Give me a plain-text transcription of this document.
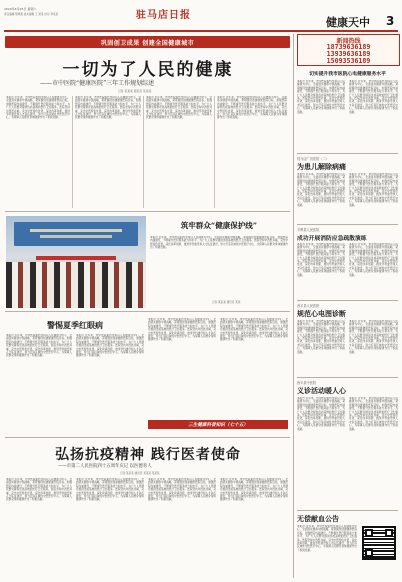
2020年4月25日 星期六
责任编辑 陈晓燕 美术编辑 王 某某 校对 李某某	驻马店日报
健康天中 3
巩固创卫成果 创建全国健康城市
一切为了人民的健康
——市中医院“健康医院”三年工作规划综述
记者 某某某 通讯员 某某某
本报讯 近年来，市中医院始终坚持以人民健康为中心，全面落实健康中国战略，紧紧围绕创建健康医院目标，加强医院内涵建设，不断提升医疗服务能力和水平，为广大人民群众提供优质高效的医疗卫生服务。医院坚持中西医并重，突出中医特色优势，深化改革创新，推进学科建设和人才队伍建设，努力打造区域性中医医疗中心，为保障人民群众身体健康作出了积极贡献。
本报讯 近年来，市中医院始终坚持以人民健康为中心，全面落实健康中国战略，紧紧围绕创建健康医院目标，加强医院内涵建设，不断提升医疗服务能力和水平，为广大人民群众提供优质高效的医疗卫生服务。医院坚持中西医并重，突出中医特色优势，深化改革创新，推进学科建设和人才队伍建设，努力打造区域性中医医疗中心，为保障人民群众身体健康作出了积极贡献。
本报讯 近年来，市中医院始终坚持以人民健康为中心，全面落实健康中国战略，紧紧围绕创建健康医院目标，加强医院内涵建设，不断提升医疗服务能力和水平，为广大人民群众提供优质高效的医疗卫生服务。医院坚持中西医并重，突出中医特色优势，深化改革创新，推进学科建设和人才队伍建设，努力打造区域性中医医疗中心，为保障人民群众身体健康作出了积极贡献。
本报讯 近年来，市中医院始终坚持以人民健康为中心，全面落实健康中国战略，紧紧围绕创建健康医院目标，加强医院内涵建设，不断提升医疗服务能力和水平，为广大人民群众提供优质高效的医疗卫生服务。医院坚持中西医并重，突出中医特色优势，深化改革创新，推进学科建设和人才队伍建设，努力打造区域性中医医疗中心，为保障人民群众身体健康作出了积极贡献。
筑牢群众“健康保护线”
本报讯 近年来，市中医院始终坚持以人民健康为中心，全面落实健康中国战略，紧紧围绕创建健康医院目标，加强医院内涵建设，不断提升医疗服务能力和水平，为广大人民群众提供优质高效的医疗卫生服务。医院坚持中西医并重，突出中医特色优势，深化改革创新，推进学科建设和人才队伍建设，努力打造区域性中医医疗中心，为保障人民群众身体健康作出了积极贡献。
记者 某某某 通讯员 某某
警惕夏季红眼病
本报讯 近年来，市中医院始终坚持以人民健康为中心，全面落实健康中国战略，紧紧围绕创建健康医院目标，加强医院内涵建设，不断提升医疗服务能力和水平，为广大人民群众提供优质高效的医疗卫生服务。医院坚持中西医并重，突出中医特色优势，深化改革创新，推进学科建设和人才队伍建设，努力打造区域性中医医疗中心，为保障人民群众身体健康作出了积极贡献。
本报讯 近年来，市中医院始终坚持以人民健康为中心，全面落实健康中国战略，紧紧围绕创建健康医院目标，加强医院内涵建设，不断提升医疗服务能力和水平，为广大人民群众提供优质高效的医疗卫生服务。医院坚持中西医并重，突出中医特色优势，深化改革创新，推进学科建设和人才队伍建设，努力打造区域性中医医疗中心，为保障人民群众身体健康作出了积极贡献。
本报讯 近年来，市中医院始终坚持以人民健康为中心，全面落实健康中国战略，紧紧围绕创建健康医院目标，加强医院内涵建设，不断提升医疗服务能力和水平，为广大人民群众提供优质高效的医疗卫生服务。医院坚持中西医并重，突出中医特色优势，深化改革创新，推进学科建设和人才队伍建设，努力打造区域性中医医疗中心，为保障人民群众身体健康作出了积极贡献。
本报讯 近年来，市中医院始终坚持以人民健康为中心，全面落实健康中国战略，紧紧围绕创建健康医院目标，加强医院内涵建设，不断提升医疗服务能力和水平，为广大人民群众提供优质高效的医疗卫生服务。医院坚持中西医并重，突出中医特色优势，深化改革创新，推进学科建设和人才队伍建设，努力打造区域性中医医疗中心，为保障人民群众身体健康作出了积极贡献。
三生健康科普知识（七十五）
弘扬抗疫精神 践行医者使命
——市第二人民医院四十五周年庆记 以医德育人
记者 某某某 通讯员 某某某 某某某
本报讯 近年来，市中医院始终坚持以人民健康为中心，全面落实健康中国战略，紧紧围绕创建健康医院目标，加强医院内涵建设，不断提升医疗服务能力和水平，为广大人民群众提供优质高效的医疗卫生服务。医院坚持中西医并重，突出中医特色优势，深化改革创新，推进学科建设和人才队伍建设，努力打造区域性中医医疗中心，为保障人民群众身体健康作出了积极贡献。
本报讯 近年来，市中医院始终坚持以人民健康为中心，全面落实健康中国战略，紧紧围绕创建健康医院目标，加强医院内涵建设，不断提升医疗服务能力和水平，为广大人民群众提供优质高效的医疗卫生服务。医院坚持中西医并重，突出中医特色优势，深化改革创新，推进学科建设和人才队伍建设，努力打造区域性中医医疗中心，为保障人民群众身体健康作出了积极贡献。
本报讯 近年来，市中医院始终坚持以人民健康为中心，全面落实健康中国战略，紧紧围绕创建健康医院目标，加强医院内涵建设，不断提升医疗服务能力和水平，为广大人民群众提供优质高效的医疗卫生服务。医院坚持中西医并重，突出中医特色优势，深化改革创新，推进学科建设和人才队伍建设，努力打造区域性中医医疗中心，为保障人民群众身体健康作出了积极贡献。
本报讯 近年来，市中医院始终坚持以人民健康为中心，全面落实健康中国战略，紧紧围绕创建健康医院目标，加强医院内涵建设，不断提升医疗服务能力和水平，为广大人民群众提供优质高效的医疗卫生服务。医院坚持中西医并重，突出中医特色优势，深化改革创新，推进学科建设和人才队伍建设，努力打造区域性中医医疗中心，为保障人民群众身体健康作出了积极贡献。
新闻热线
18739636189
13939636189
15093536189
切实提升我市医院心电健康服务水平
本报讯 近年来，市中医院始终坚持以人民健康为中心，全面落实健康中国战略，紧紧围绕创建健康医院目标，加强医院内涵建设，不断提升医疗服务能力和水平，为广大人民群众提供优质高效的医疗卫生服务。医院坚持中西医并重，突出中医特色优势，深化改革创新，推进学科建设和人才队伍建设，努力打造区域性中医医疗中心，为保障人民群众身体健康作出了积极贡献。
本报讯 近年来，市中医院始终坚持以人民健康为中心，全面落实健康中国战略，紧紧围绕创建健康医院目标，加强医院内涵建设，不断提升医疗服务能力和水平，为广大人民群众提供优质高效的医疗卫生服务。医院坚持中西医并重，突出中医特色优势，深化改革创新，推进学科建设和人才队伍建设，努力打造区域性中医医疗中心，为保障人民群众身体健康作出了积极贡献。
驻马店广济医院（二）
为患儿解除病痛
本报讯 近年来，市中医院始终坚持以人民健康为中心，全面落实健康中国战略，紧紧围绕创建健康医院目标，加强医院内涵建设，不断提升医疗服务能力和水平，为广大人民群众提供优质高效的医疗卫生服务。医院坚持中西医并重，突出中医特色优势，深化改革创新，推进学科建设和人才队伍建设，努力打造区域性中医医疗中心，为保障人民群众身体健康作出了积极贡献。
本报讯 近年来，市中医院始终坚持以人民健康为中心，全面落实健康中国战略，紧紧围绕创建健康医院目标，加强医院内涵建设，不断提升医疗服务能力和水平，为广大人民群众提供优质高效的医疗卫生服务。医院坚持中西医并重，突出中医特色优势，深化改革创新，推进学科建设和人才队伍建设，努力打造区域性中医医疗中心，为保障人民群众身体健康作出了积极贡献。
平舆县人民医院
成功开展消防应急疏散演练
本报讯 近年来，市中医院始终坚持以人民健康为中心，全面落实健康中国战略，紧紧围绕创建健康医院目标，加强医院内涵建设，不断提升医疗服务能力和水平，为广大人民群众提供优质高效的医疗卫生服务。医院坚持中西医并重，突出中医特色优势，深化改革创新，推进学科建设和人才队伍建设，努力打造区域性中医医疗中心，为保障人民群众身体健康作出了积极贡献。
本报讯 近年来，市中医院始终坚持以人民健康为中心，全面落实健康中国战略，紧紧围绕创建健康医院目标，加强医院内涵建设，不断提升医疗服务能力和水平，为广大人民群众提供优质高效的医疗卫生服务。医院坚持中西医并重，突出中医特色优势，深化改革创新，推进学科建设和人才队伍建设，努力打造区域性中医医疗中心，为保障人民群众身体健康作出了积极贡献。
西平县人民医院
规范心电图诊断
本报讯 近年来，市中医院始终坚持以人民健康为中心，全面落实健康中国战略，紧紧围绕创建健康医院目标，加强医院内涵建设，不断提升医疗服务能力和水平，为广大人民群众提供优质高效的医疗卫生服务。医院坚持中西医并重，突出中医特色优势，深化改革创新，推进学科建设和人才队伍建设，努力打造区域性中医医疗中心，为保障人民群众身体健康作出了积极贡献。
本报讯 近年来，市中医院始终坚持以人民健康为中心，全面落实健康中国战略，紧紧围绕创建健康医院目标，加强医院内涵建设，不断提升医疗服务能力和水平，为广大人民群众提供优质高效的医疗卫生服务。医院坚持中西医并重，突出中医特色优势，深化改革创新，推进学科建设和人才队伍建设，努力打造区域性中医医疗中心，为保障人民群众身体健康作出了积极贡献。
西平县中医院
义诊活动暖人心
本报讯 近年来，市中医院始终坚持以人民健康为中心，全面落实健康中国战略，紧紧围绕创建健康医院目标，加强医院内涵建设，不断提升医疗服务能力和水平，为广大人民群众提供优质高效的医疗卫生服务。医院坚持中西医并重，突出中医特色优势，深化改革创新，推进学科建设和人才队伍建设，努力打造区域性中医医疗中心，为保障人民群众身体健康作出了积极贡献。
本报讯 近年来，市中医院始终坚持以人民健康为中心，全面落实健康中国战略，紧紧围绕创建健康医院目标，加强医院内涵建设，不断提升医疗服务能力和水平，为广大人民群众提供优质高效的医疗卫生服务。医院坚持中西医并重，突出中医特色优势，深化改革创新，推进学科建设和人才队伍建设，努力打造区域性中医医疗中心，为保障人民群众身体健康作出了积极贡献。
无偿献血公告
本报讯 近年来，市中医院始终坚持以人民健康为中心，全面落实健康中国战略，紧紧围绕创建健康医院目标，加强医院内涵建设，不断提升医疗服务能力和水平，为广大人民群众提供优质高效的医疗卫生服务。医院坚持中西医并重，突出中医特色优势，深化改革创新，推进学科建设和人才队伍建设，努力打造区域性中医医疗中心，为保障人民群众身体健康作出了积极贡献。
